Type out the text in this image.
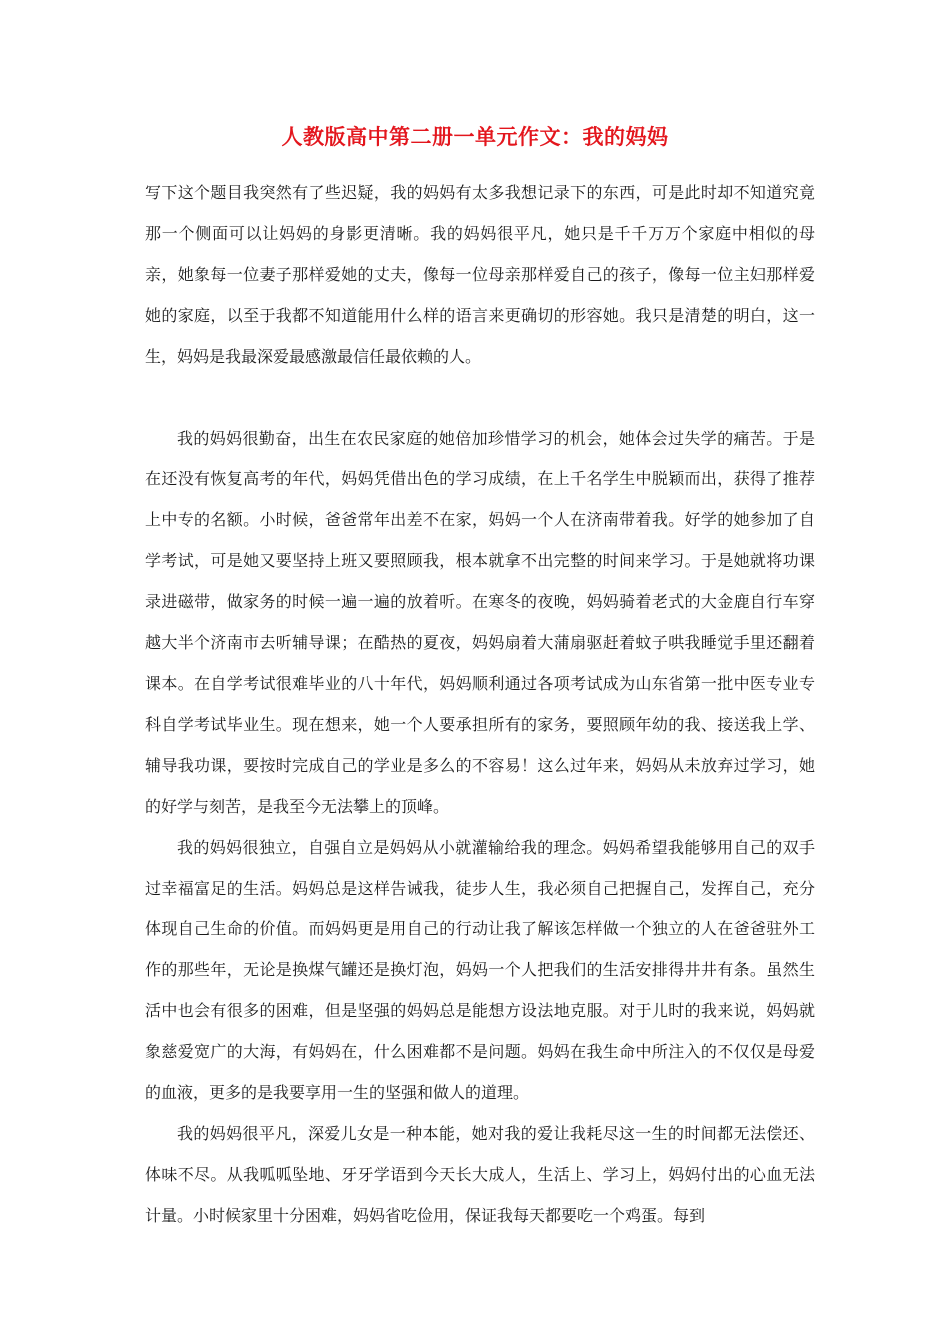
人教版高中第二册一单元作文：我的妈妈

写下这个题目我突然有了些迟疑，我的妈妈有太多我想记录下的东西，可是此时却不知道究竟那一个侧面可以让妈妈的身影更清晰。我的妈妈很平凡，她只是千千万万个家庭中相似的母亲，她象每一位妻子那样爱她的丈夫，像每一位母亲那样爱自己的孩子，像每一位主妇那样爱她的家庭，以至于我都不知道能用什么样的语言来更确切的形容她。我只是清楚的明白，这一生，妈妈是我最深爱最感激最信任最依赖的人。

我的妈妈很勤奋，出生在农民家庭的她倍加珍惜学习的机会，她体会过失学的痛苦。于是在还没有恢复高考的年代，妈妈凭借出色的学习成绩，在上千名学生中脱颖而出，获得了推荐上中专的名额。小时候，爸爸常年出差不在家，妈妈一个人在济南带着我。好学的她参加了自学考试，可是她又要坚持上班又要照顾我，根本就拿不出完整的时间来学习。于是她就将功课录进磁带，做家务的时候一遍一遍的放着听。在寒冬的夜晚，妈妈骑着老式的大金鹿自行车穿越大半个济南市去听辅导课；在酷热的夏夜，妈妈扇着大蒲扇驱赶着蚊子哄我睡觉手里还翻着课本。在自学考试很难毕业的八十年代，妈妈顺利通过各项考试成为山东省第一批中医专业专科自学考试毕业生。现在想来，她一个人要承担所有的家务，要照顾年幼的我、接送我上学、辅导我功课，要按时完成自己的学业是多么的不容易！这么过年来，妈妈从未放弃过学习，她的好学与刻苦，是我至今无法攀上的顶峰。

我的妈妈很独立，自强自立是妈妈从小就灌输给我的理念。妈妈希望我能够用自己的双手过幸福富足的生活。妈妈总是这样告诫我，徒步人生，我必须自己把握自己，发挥自己，充分体现自己生命的价值。而妈妈更是用自己的行动让我了解该怎样做一个独立的人在爸爸驻外工作的那些年，无论是换煤气罐还是换灯泡，妈妈一个人把我们的生活安排得井井有条。虽然生活中也会有很多的困难，但是坚强的妈妈总是能想方设法地克服。对于儿时的我来说，妈妈就象慈爱宽广的大海，有妈妈在，什么困难都不是问题。妈妈在我生命中所注入的不仅仅是母爱的血液，更多的是我要享用一生的坚强和做人的道理。

我的妈妈很平凡，深爱儿女是一种本能，她对我的爱让我耗尽这一生的时间都无法偿还、体味不尽。从我呱呱坠地、牙牙学语到今天长大成人，生活上、学习上，妈妈付出的心血无法计量。小时候家里十分困难，妈妈省吃俭用，保证我每天都要吃一个鸡蛋。每到
